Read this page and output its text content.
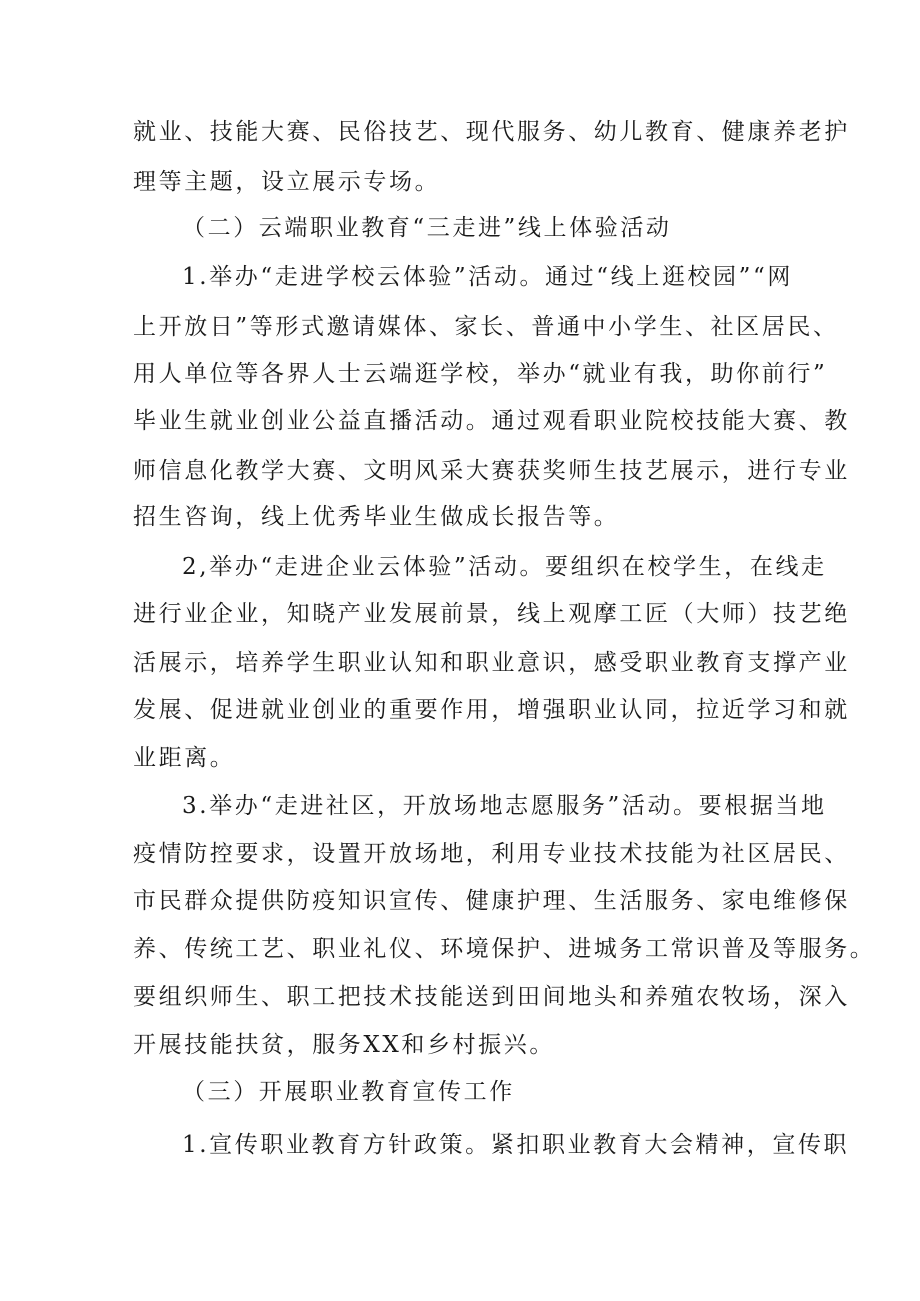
就业、技能大赛、民俗技艺、现代服务、幼儿教育、健康养老护

理等主题，设立展示专场。

（二）云端职业教育“三走进”线上体验活动

1.举办“走进学校云体验”活动。通过“线上逛校园”“网

上开放日”等形式邀请媒体、家长、普通中小学生、社区居民、

用人单位等各界人士云端逛学校，举办“就业有我，助你前行”

毕业生就业创业公益直播活动。通过观看职业院校技能大赛、教

师信息化教学大赛、文明风采大赛获奖师生技艺展示，进行专业

招生咨询，线上优秀毕业生做成长报告等。

2,举办“走进企业云体验”活动。要组织在校学生，在线走

进行业企业，知晓产业发展前景，线上观摩工匠（大师）技艺绝

活展示，培养学生职业认知和职业意识，感受职业教育支撑产业

发展、促进就业创业的重要作用，增强职业认同，拉近学习和就

业距离。

3.举办“走进社区，开放场地志愿服务”活动。要根据当地

疫情防控要求，设置开放场地，利用专业技术技能为社区居民、

市民群众提供防疫知识宣传、健康护理、生活服务、家电维修保

养、传统工艺、职业礼仪、环境保护、进城务工常识普及等服务。

要组织师生、职工把技术技能送到田间地头和养殖农牧场，深入

开展技能扶贫，服务XX和乡村振兴。

（三）开展职业教育宣传工作

1.宣传职业教育方针政策。紧扣职业教育大会精神，宣传职
